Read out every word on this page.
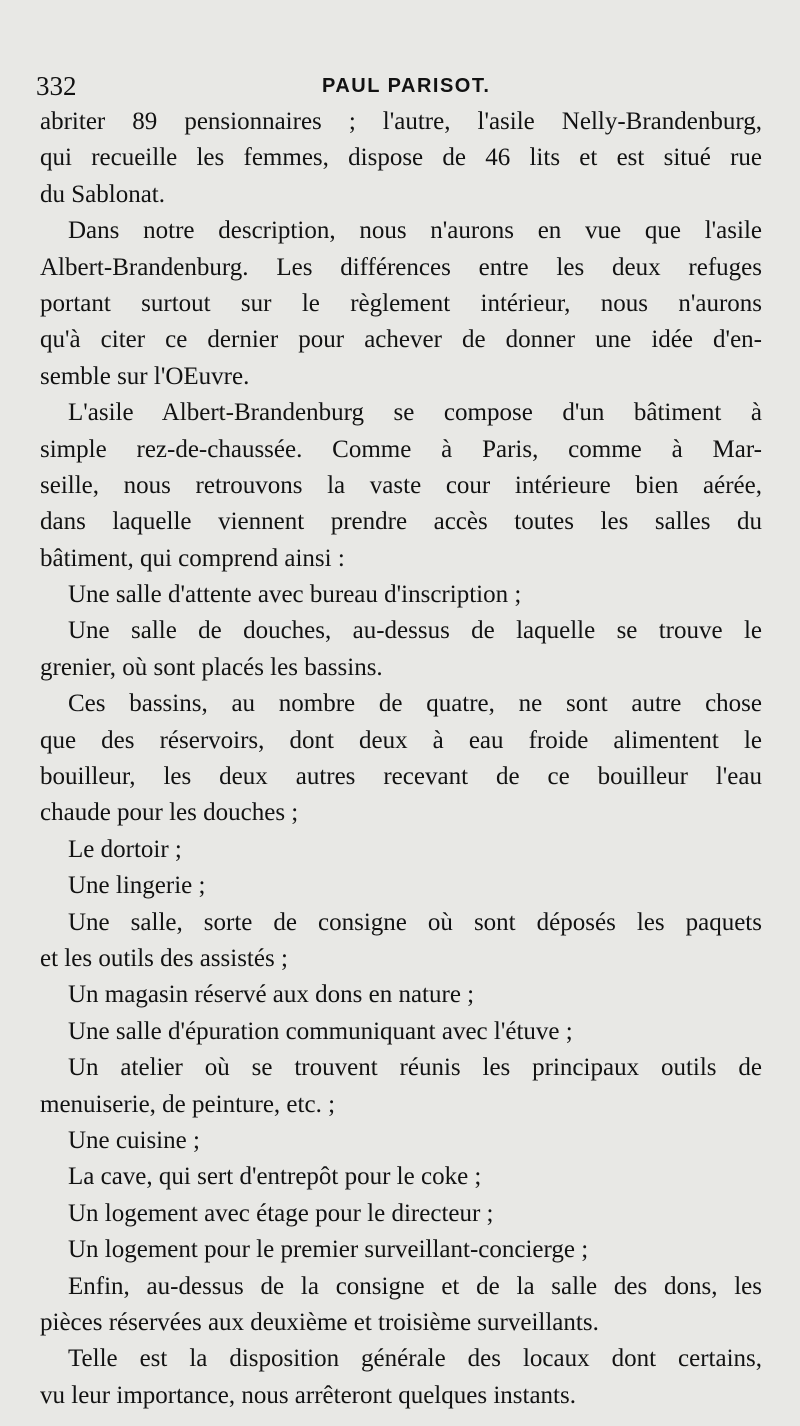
332	PAUL PARISOT.
abriter 89 pensionnaires ; l'autre, l'asile Nelly-Brandenburg,
qui recueille les femmes, dispose de 46 lits et est situé rue
du Sablonat.
Dans notre description, nous n'aurons en vue que l'asile
Albert-Brandenburg. Les différences entre les deux refuges
portant surtout sur le règlement intérieur, nous n'aurons
qu'à citer ce dernier pour achever de donner une idée d'en-
semble sur l'OEuvre.
L'asile Albert-Brandenburg se compose d'un bâtiment à
simple rez-de-chaussée. Comme à Paris, comme à Mar-
seille, nous retrouvons la vaste cour intérieure bien aérée,
dans laquelle viennent prendre accès toutes les salles du
bâtiment, qui comprend ainsi :
Une salle d'attente avec bureau d'inscription ;
Une salle de douches, au-dessus de laquelle se trouve le
grenier, où sont placés les bassins.
Ces bassins, au nombre de quatre, ne sont autre chose
que des réservoirs, dont deux à eau froide alimentent le
bouilleur, les deux autres recevant de ce bouilleur l'eau
chaude pour les douches ;
Le dortoir ;
Une lingerie ;
Une salle, sorte de consigne où sont déposés les paquets
et les outils des assistés ;
Un magasin réservé aux dons en nature ;
Une salle d'épuration communiquant avec l'étuve ;
Un atelier où se trouvent réunis les principaux outils de
menuiserie, de peinture, etc. ;
Une cuisine ;
La cave, qui sert d'entrepôt pour le coke ;
Un logement avec étage pour le directeur ;
Un logement pour le premier surveillant-concierge ;
Enfin, au-dessus de la consigne et de la salle des dons, les
pièces réservées aux deuxième et troisième surveillants.
Telle est la disposition générale des locaux dont certains,
vu leur importance, nous arrêteront quelques instants.
